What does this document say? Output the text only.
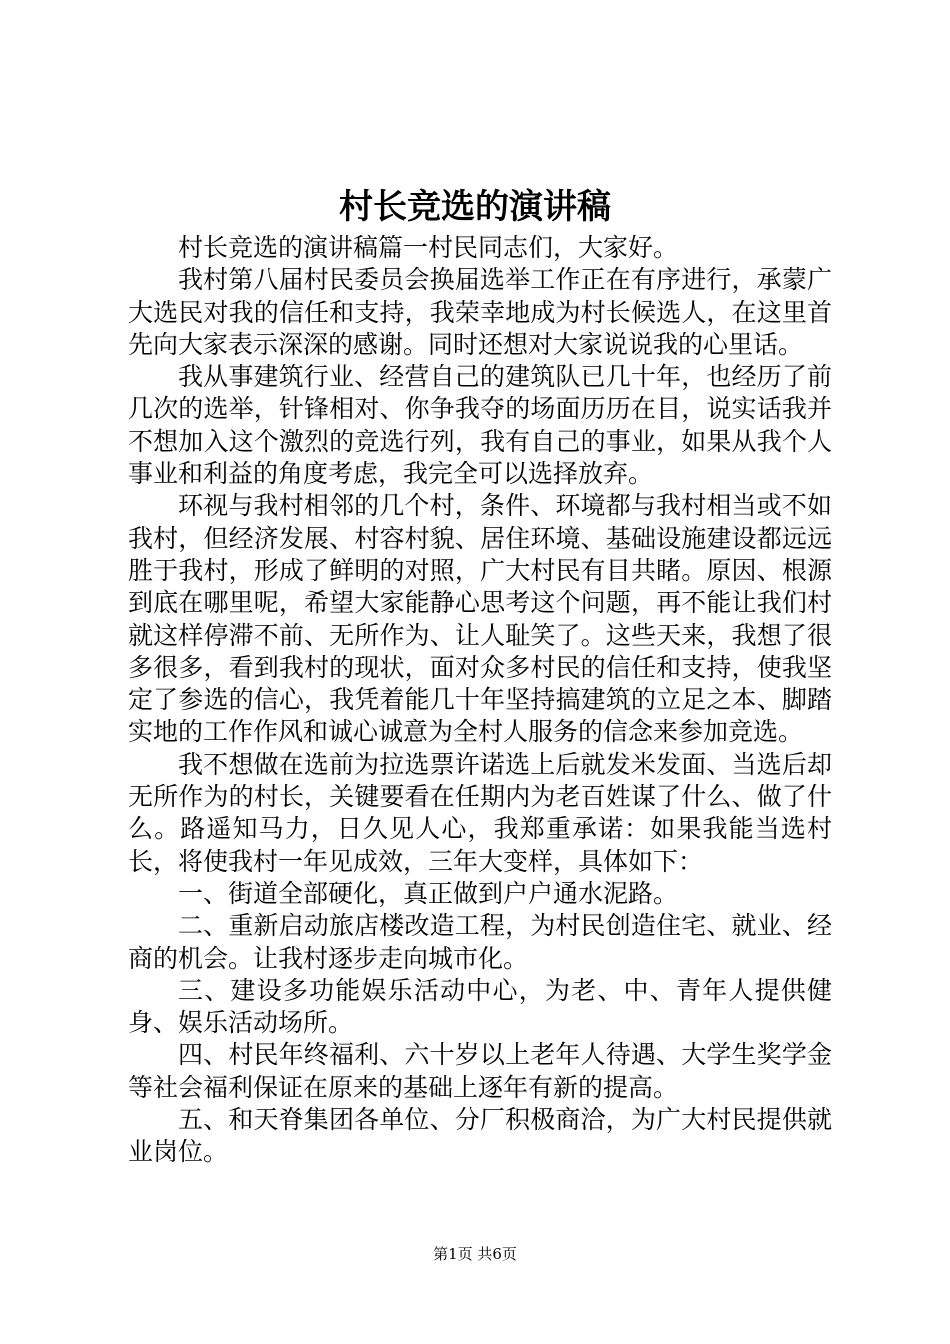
村长竞选的演讲稿

村长竞选的演讲稿篇一村民同志们，大家好。

我村第八届村民委员会换届选举工作正在有序进行，承蒙广大选民对我的信任和支持，我荣幸地成为村长候选人，在这里首先向大家表示深深的感谢。同时还想对大家说说我的心里话。

我从事建筑行业、经营自己的建筑队已几十年，也经历了前几次的选举，针锋相对、你争我夺的场面历历在目，说实话我并不想加入这个激烈的竞选行列，我有自己的事业，如果从我个人事业和利益的角度考虑，我完全可以选择放弃。

环视与我村相邻的几个村，条件、环境都与我村相当或不如我村，但经济发展、村容村貌、居住环境、基础设施建设都远远胜于我村，形成了鲜明的对照，广大村民有目共睹。原因、根源到底在哪里呢，希望大家能静心思考这个问题，再不能让我们村就这样停滞不前、无所作为、让人耻笑了。这些天来，我想了很多很多，看到我村的现状，面对众多村民的信任和支持，使我坚定了参选的信心，我凭着能几十年坚持搞建筑的立足之本、脚踏实地的工作作风和诚心诚意为全村人服务的信念来参加竞选。

我不想做在选前为拉选票许诺选上后就发米发面、当选后却无所作为的村长，关键要看在任期内为老百姓谋了什么、做了什么。路遥知马力，日久见人心，我郑重承诺：如果我能当选村长，将使我村一年见成效，三年大变样，具体如下：

一、街道全部硬化，真正做到户户通水泥路。

二、重新启动旅店楼改造工程，为村民创造住宅、就业、经商的机会。让我村逐步走向城市化。

三、建设多功能娱乐活动中心，为老、中、青年人提供健身、娱乐活动场所。

四、村民年终福利、六十岁以上老年人待遇、大学生奖学金等社会福利保证在原来的基础上逐年有新的提高。

五、和天脊集团各单位、分厂积极商洽，为广大村民提供就业岗位。

第1页 共6页
